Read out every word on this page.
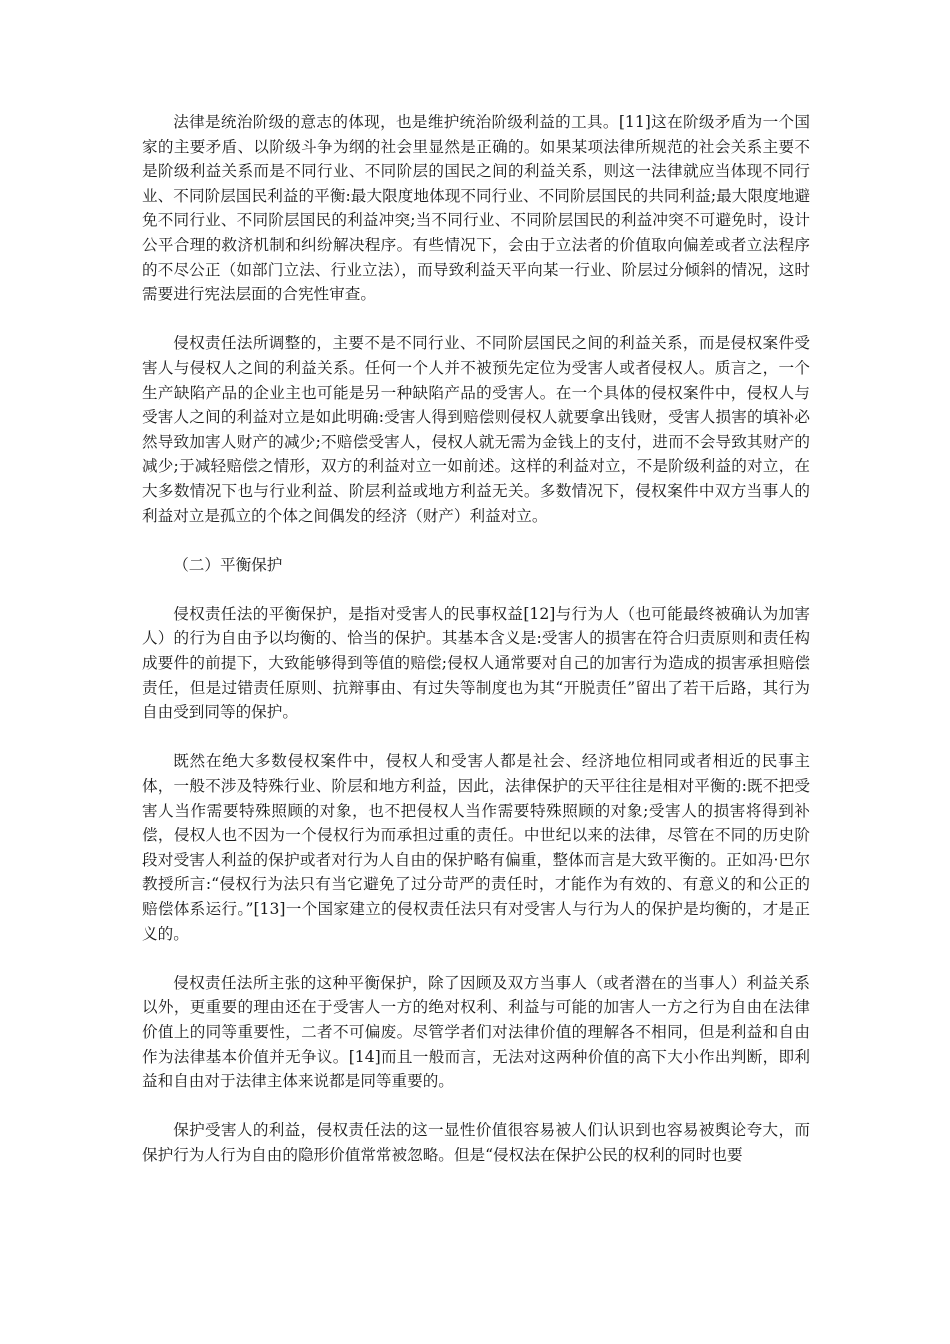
法律是统治阶级的意志的体现，也是维护统治阶级利益的工具。[11]这在阶级矛盾为一个国家的主要矛盾、以阶级斗争为纲的社会里显然是正确的。如果某项法律所规范的社会关系主要不是阶级利益关系而是不同行业、不同阶层的国民之间的利益关系，则这一法律就应当体现不同行业、不同阶层国民利益的平衡:最大限度地体现不同行业、不同阶层国民的共同利益;最大限度地避免不同行业、不同阶层国民的利益冲突;当不同行业、不同阶层国民的利益冲突不可避免时，设计公平合理的救济机制和纠纷解决程序。有些情况下，会由于立法者的价值取向偏差或者立法程序的不尽公正（如部门立法、行业立法），而导致利益天平向某一行业、阶层过分倾斜的情况，这时需要进行宪法层面的合宪性审查。

侵权责任法所调整的，主要不是不同行业、不同阶层国民之间的利益关系，而是侵权案件受害人与侵权人之间的利益关系。任何一个人并不被预先定位为受害人或者侵权人。质言之，一个生产缺陷产品的企业主也可能是另一种缺陷产品的受害人。在一个具体的侵权案件中，侵权人与受害人之间的利益对立是如此明确:受害人得到赔偿则侵权人就要拿出钱财，受害人损害的填补必然导致加害人财产的减少;不赔偿受害人，侵权人就无需为金钱上的支付，进而不会导致其财产的减少;于减轻赔偿之情形，双方的利益对立一如前述。这样的利益对立，不是阶级利益的对立，在大多数情况下也与行业利益、阶层利益或地方利益无关。多数情况下，侵权案件中双方当事人的利益对立是孤立的个体之间偶发的经济（财产）利益对立。

（二）平衡保护

侵权责任法的平衡保护，是指对受害人的民事权益[12]与行为人（也可能最终被确认为加害人）的行为自由予以均衡的、恰当的保护。其基本含义是:受害人的损害在符合归责原则和责任构成要件的前提下，大致能够得到等值的赔偿;侵权人通常要对自己的加害行为造成的损害承担赔偿责任，但是过错责任原则、抗辩事由、有过失等制度也为其“开脱责任”留出了若干后路，其行为自由受到同等的保护。

既然在绝大多数侵权案件中，侵权人和受害人都是社会、经济地位相同或者相近的民事主体，一般不涉及特殊行业、阶层和地方利益，因此，法律保护的天平往往是相对平衡的:既不把受害人当作需要特殊照顾的对象，也不把侵权人当作需要特殊照顾的对象;受害人的损害将得到补偿，侵权人也不因为一个侵权行为而承担过重的责任。中世纪以来的法律，尽管在不同的历史阶段对受害人利益的保护或者对行为人自由的保护略有偏重，整体而言是大致平衡的。正如冯·巴尔教授所言:“侵权行为法只有当它避免了过分苛严的责任时，才能作为有效的、有意义的和公正的赔偿体系运行。”[13]一个国家建立的侵权责任法只有对受害人与行为人的保护是均衡的，才是正义的。

侵权责任法所主张的这种平衡保护，除了因顾及双方当事人（或者潜在的当事人）利益关系以外，更重要的理由还在于受害人一方的绝对权利、利益与可能的加害人一方之行为自由在法律价值上的同等重要性，二者不可偏废。尽管学者们对法律价值的理解各不相同，但是利益和自由作为法律基本价值并无争议。[14]而且一般而言，无法对这两种价值的高下大小作出判断，即利益和自由对于法律主体来说都是同等重要的。

保护受害人的利益，侵权责任法的这一显性价值很容易被人们认识到也容易被舆论夸大，而保护行为人行为自由的隐形价值常常被忽略。但是“侵权法在保护公民的权利的同时也要
